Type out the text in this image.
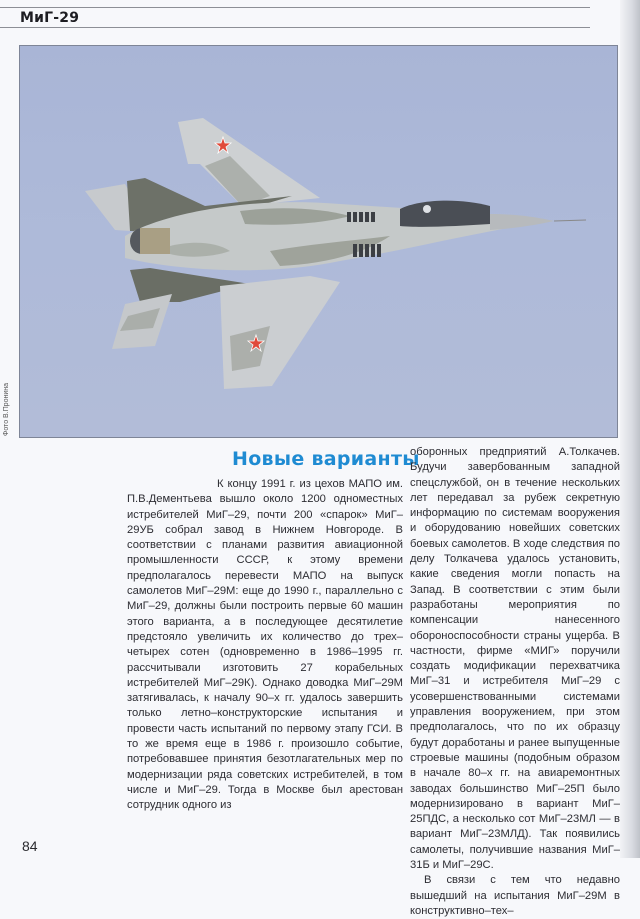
МиГ-29
Фото В.Пронина
Новые варианты

К концу 1991 г. из цехов МАПО им. П.В.Дементьева вышло около 1200 одноместных истребителей МиГ–29, почти 200 «спарок» МиГ–29УБ собрал завод в Нижнем Новгороде. В соответствии с планами развития авиационной промышленности СССР, к этому времени предполагалось перевести МАПО на выпуск самолетов МиГ–29М: еще до 1990 г., параллельно с МиГ–29, должны были построить первые 60 машин этого варианта, а в последующее десятилетие предстояло увеличить их количество до трех–четырех сотен (одновременно в 1986–1995 гг. рассчитывали изготовить 27 корабельных истребителей МиГ–29К). Однако доводка МиГ–29М затягивалась, к началу 90–х гг. удалось завершить только летно–конструкторские испытания и провести часть испытаний по первому этапу ГСИ. В то же время еще в 1986 г. произошло событие, потребовавшее принятия безотлагательных мер по модернизации ряда советских истребителей, в том числе и МиГ–29. Тогда в Москве был арестован сотрудник одного из

оборонных предприятий А.Толкачев. Будучи завербованным западной спецслужбой, он в течение нескольких лет передавал за рубеж секретную информацию по системам вооружения и оборудованию новейших советских боевых самолетов. В ходе следствия по делу Толкачева удалось установить, какие сведения могли попасть на Запад. В соответствии с этим были разработаны мероприятия по компенсации нанесенного обороноспособности страны ущерба. В частности, фирме «МИГ» поручили создать модификации перехватчика МиГ–31 и истребителя МиГ–29 с усовершенствованными системами управления вооружением, при этом предполагалось, что по их образцу будут доработаны и ранее выпущенные строевые машины (подобным образом в начале 80–х гг. на авиаремонтных заводах большинство МиГ–25П было модернизировано в вариант МиГ–25ПДС, а несколько сот МиГ–23МЛ — в вариант МиГ–23МЛД). Так появились самолеты, получившие названия МиГ–31Б и МиГ–29С.

В связи с тем что недавно вышедший на испытания МиГ–29М в конструктивно–тех–

84
